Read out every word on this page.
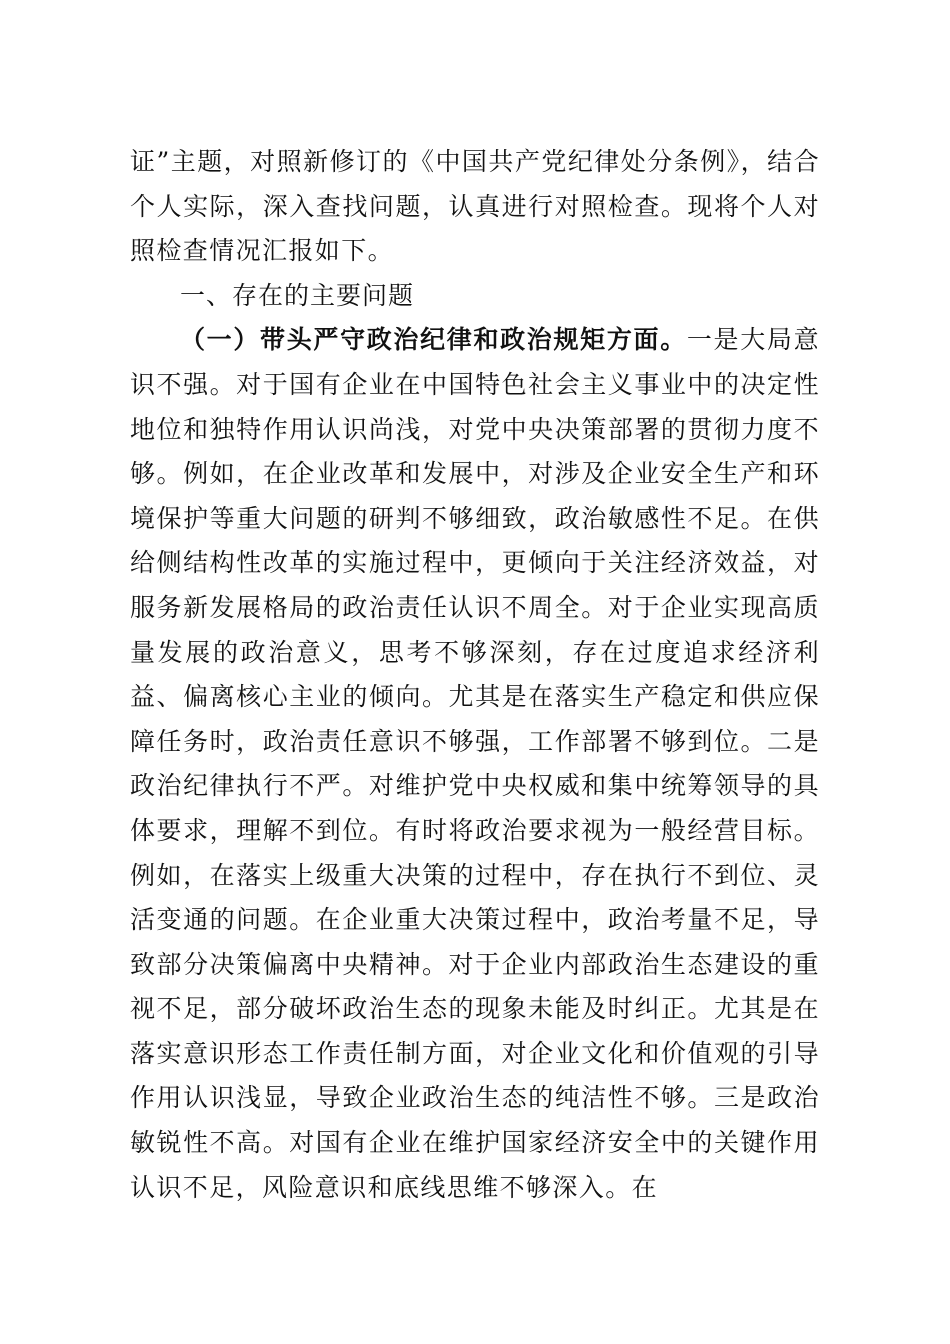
证”主题，对照新修订的《中国共产党纪律处分条例》，结合个人实际，深入查找问题，认真进行对照检查。现将个人对照检查情况汇报如下。

一、存在的主要问题

（一）带头严守政治纪律和政治规矩方面。一是大局意识不强。对于国有企业在中国特色社会主义事业中的决定性地位和独特作用认识尚浅，对党中央决策部署的贯彻力度不够。例如，在企业改革和发展中，对涉及企业安全生产和环境保护等重大问题的研判不够细致，政治敏感性不足。在供给侧结构性改革的实施过程中，更倾向于关注经济效益，对服务新发展格局的政治责任认识不周全。对于企业实现高质量发展的政治意义，思考不够深刻，存在过度追求经济利益、偏离核心主业的倾向。尤其是在落实生产稳定和供应保障任务时，政治责任意识不够强，工作部署不够到位。二是政治纪律执行不严。对维护党中央权威和集中统筹领导的具体要求，理解不到位。有时将政治要求视为一般经营目标。例如，在落实上级重大决策的过程中，存在执行不到位、灵活变通的问题。在企业重大决策过程中，政治考量不足，导致部分决策偏离中央精神。对于企业内部政治生态建设的重视不足，部分破坏政治生态的现象未能及时纠正。尤其是在落实意识形态工作责任制方面，对企业文化和价值观的引导作用认识浅显，导致企业政治生态的纯洁性不够。三是政治敏锐性不高。对国有企业在维护国家经济安全中的关键作用认识不足，风险意识和底线思维不够深入。在
